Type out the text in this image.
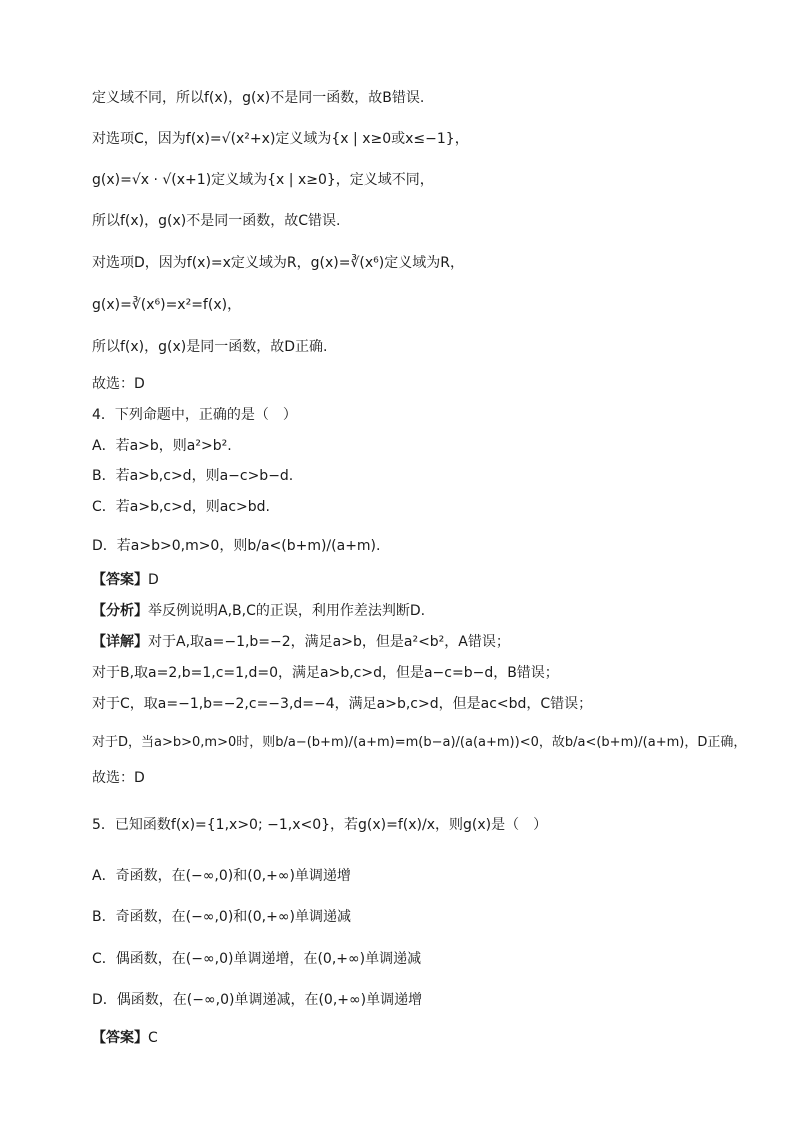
定义域不同，所以f(x)，g(x)不是同一函数，故B错误.
对选项C，因为f(x)=√(x²+x)定义域为{x | x≥0或x≤−1}，
g(x)=√x · √(x+1)定义域为{x | x≥0}，定义域不同，
所以f(x)，g(x)不是同一函数，故C错误.
对选项D，因为f(x)=x定义域为R，g(x)=∛(x⁶)定义域为R，
g(x)=∛(x⁶)=x²=f(x)，
所以f(x)，g(x)是同一函数，故D正确.
故选：D
4．下列命题中，正确的是（　）
A．若a>b，则a²>b².
B．若a>b,c>d，则a−c>b−d.
C．若a>b,c>d，则ac>bd.
D．若a>b>0,m>0，则b/a<(b+m)/(a+m).
【答案】D
【分析】举反例说明A,B,C的正误，利用作差法判断D.
【详解】对于A,取a=−1,b=−2，满足a>b，但是a²<b²，A错误；
对于B,取a=2,b=1,c=1,d=0，满足a>b,c>d，但是a−c=b−d，B错误；
对于C，取a=−1,b=−2,c=−3,d=−4，满足a>b,c>d，但是ac<bd，C错误；
对于D，当a>b>0,m>0时，则b/a−(b+m)/(a+m)=m(b−a)/(a(a+m))<0，故b/a<(b+m)/(a+m)，D正确，
故选：D
5．已知函数f(x)={1,x>0; −1,x<0}，若g(x)=f(x)/x，则g(x)是（　）
A．奇函数，在(−∞,0)和(0,+∞)单调递增
B．奇函数，在(−∞,0)和(0,+∞)单调递减
C．偶函数，在(−∞,0)单调递增，在(0,+∞)单调递减
D．偶函数，在(−∞,0)单调递减，在(0,+∞)单调递增
【答案】C
